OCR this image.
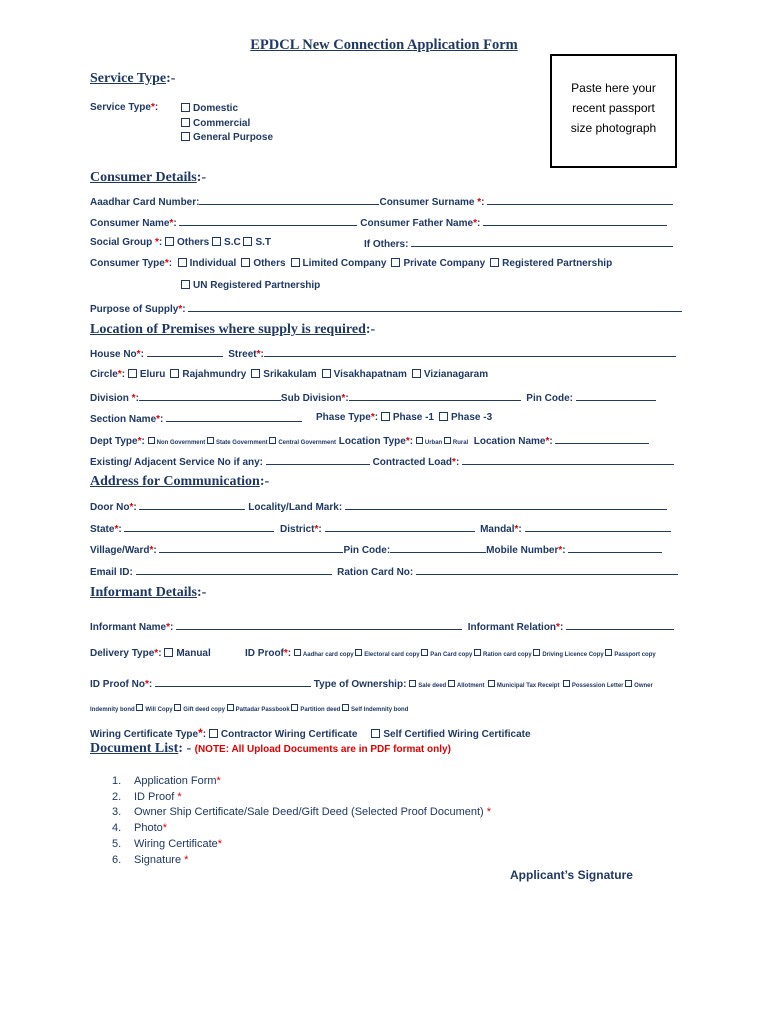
EPDCL New Connection Application Form
Paste here your
recent passport
size photograph
Service Type:-
Service Type*:	Domestic
Commercial
General Purpose
Consumer Details:-
Aaadhar Card Number:	Consumer Surname *:
Consumer Name*:	Consumer Father Name*:
Social Group *: Others S.C S.T	If Others:
Consumer Type*:  Individual Others Limited Company Private Company Registered Partnership
UN Registered Partnership
Purpose of Supply*:
Location of Premises where supply is required:-
House No*:	Street*:
Circle*: Eluru Rajahmundry Srikakulam Visakhapatnam Vizianagaram
Division *:	Sub Division*:	Pin Code:
Section Name*:	Phase Type*: Phase -1 Phase -3
Dept Type*: Non Government State Government Central Government Location Type*: Urban Rural Location Name*:
Existing/ Adjacent Service No if any:	Contracted Load*:
Address for Communication:-
Door No*:	Locality/Land Mark:
State*:	District*:	Mandal*:
Village/Ward*:	Pin Code:	Mobile Number*:
Email ID:	Ration Card No:
Informant Details:-
Informant Name*:	Informant Relation*:
Delivery Type*: Manual	ID Proof*: Aadhar card copy Electoral card copy Pan Card copy Ration card copy Driving Licence Copy Passport copy
ID Proof No*:	Type of Ownership: Sale deed Allotment Municipal Tax Receipt Possession Letter Owner
Indemnity bond Will Copy Gift deed copy Pattadar Passbook Partition deed Self Indemnity bond
Wiring Certificate Type*: Contractor Wiring Certificate	Self Certified Wiring Certificate
Document List: - (NOTE: All Upload Documents are in PDF format only)
1. Application Form*
2. ID Proof *
3. Owner Ship Certificate/Sale Deed/Gift Deed (Selected Proof Document) *
4. Photo*
5. Wiring Certificate*
6. Signature *
Applicant’s Signature
